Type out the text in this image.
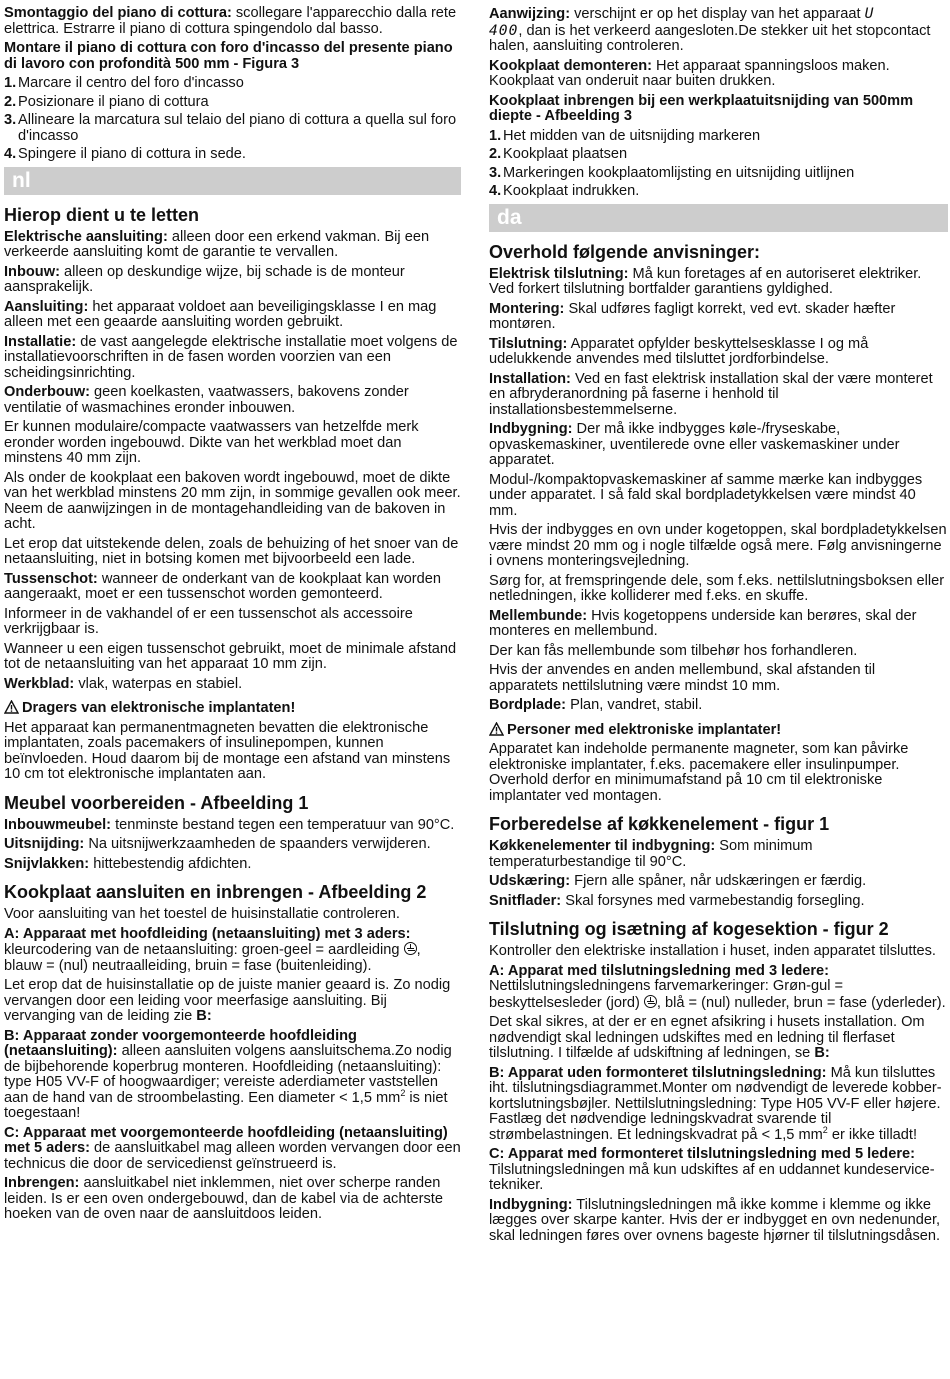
Smontaggio del piano di cottura: scollegare l'apparecchio dalla rete elettrica. Estrarre il piano di cottura spingendolo dal basso.

Montare il piano di cottura con foro d'incasso del presente piano di lavoro con profondità 500 mm - Figura 3

1. Marcare il centro del foro d'incasso
2. Posizionare il piano di cottura
3. Allineare la marcatura sul telaio del piano di cottura a quella sul foro d'incasso
4. Spingere il piano di cottura in sede.
nl
Hierop dient u te letten

Elektrische aansluiting: alleen door een erkend vakman. Bij een verkeerde aansluiting komt de garantie te vervallen.

Inbouw: alleen op deskundige wijze, bij schade is de monteur aansprakelijk.

Aansluiting: het apparaat voldoet aan beveiligingsklasse I en mag alleen met een geaarde aansluiting worden gebruikt.

Installatie: de vast aangelegde elektrische installatie moet volgens de installatievoorschriften in de fasen worden voorzien van een scheidingsinrichting.

Onderbouw: geen koelkasten, vaatwassers, bakovens zonder ventilatie of wasmachines eronder inbouwen.

Er kunnen modulaire/compacte vaatwassers van hetzelfde merk eronder worden ingebouwd. Dikte van het werkblad moet dan minstens 40 mm zijn.

Als onder de kookplaat een bakoven wordt ingebouwd, moet de dikte van het werkblad minstens 20 mm zijn, in sommige gevallen ook meer. Neem de aanwijzingen in de montagehandleiding van de bakoven in acht.

Let erop dat uitstekende delen, zoals de behuizing of het snoer van de netaansluiting, niet in botsing komen met bijvoorbeeld een lade.

Tussenschot: wanneer de onderkant van de kookplaat kan worden aangeraakt, moet er een tussenschot worden gemonteerd.

Informeer in de vakhandel of er een tussenschot als accessoire verkrijgbaar is.

Wanneer u een eigen tussenschot gebruikt, moet de minimale afstand tot de netaansluiting van het apparaat 10 mm zijn.

Werkblad: vlak, waterpas en stabiel.

Dragers van elektronische implantaten!

Het apparaat kan permanentmagneten bevatten die elektronische implantaten, zoals pacemakers of insulinepompen, kunnen beïnvloeden. Houd daarom bij de montage een afstand van minstens 10 cm tot elektronische implantaten aan.

Meubel voorbereiden - Afbeelding 1

Inbouwmeubel: tenminste bestand tegen een temperatuur van 90°C.

Uitsnijding: Na uitsnijwerkzaamheden de spaanders verwijderen.

Snijvlakken: hittebestendig afdichten.

Kookplaat aansluiten en inbrengen - Afbeelding 2

Voor aansluiting van het toestel de huisinstallatie controleren.

A: Apparaat met hoofdleiding (netaansluiting) met 3 aders: kleurcodering van de netaansluiting: groen-geel = aardleiding , blauw = (nul) neutraalleiding, bruin = fase (buitenleiding).

Let erop dat de huisinstallatie op de juiste manier geaard is. Zo nodig vervangen door een leiding voor meerfasige aansluiting. Bij vervanging van de leiding zie B:

B: Apparaat zonder voorgemonteerde hoofdleiding (netaansluiting): alleen aansluiten volgens aansluitschema.Zo nodig de bijbehorende koperbrug monteren. Hoofdleiding (netaansluiting): type H05 VV-F of hoogwaardiger; vereiste aderdiameter vaststellen aan de hand van de stroombelasting. Een diameter < 1,5 $mm^2$ is niet toegestaan!

C: Apparaat met voorgemonteerde hoofdleiding (netaansluiting) met 5 aders: de aansluitkabel mag alleen worden vervangen door een technicus die door de servicedienst geïnstrueerd is.

Inbrengen: aansluitkabel niet inklemmen, niet over scherpe randen leiden. Is er een oven ondergebouwd, dan de kabel via de achterste hoeken van de oven naar de aansluitdoos leiden.

Aanwijzing: verschijnt er op het display van het apparaat U
400, dan is het verkeerd aangesloten.De stekker uit het stopcontact halen, aansluiting controleren.

Kookplaat demonteren: Het apparaat spanningsloos maken. Kookplaat van onderuit naar buiten drukken.

Kookplaat inbrengen bij een werkplaatuitsnijding van 500mm diepte - Afbeelding 3

1. Het midden van de uitsnijding markeren
2. Kookplaat plaatsen
3. Markeringen kookplaatomlijsting en uitsnijding uitlijnen
4. Kookplaat indrukken.
da
Overhold følgende anvisninger:

Elektrisk tilslutning: Må kun foretages af en autoriseret elektriker. Ved forkert tilslutning bortfalder garantiens gyldighed.

Montering: Skal udføres fagligt korrekt, ved evt. skader hæfter montøren.

Tilslutning: Apparatet opfylder beskyttelsesklasse I og må udelukkende anvendes med tilsluttet jordforbindelse.

Installation: Ved en fast elektrisk installation skal der være monteret en afbryderanordning på faserne i henhold til installationsbestemmelserne.

Indbygning: Der må ikke indbygges køle-/fryseskabe, opvaskemaskiner, uventilerede ovne eller vaskemaskiner under apparatet.

Modul-/kompaktopvaskemaskiner af samme mærke kan indbygges under apparatet. I så fald skal bordpladetykkelsen være mindst 40 mm.

Hvis der indbygges en ovn under kogetoppen, skal bordpladetykkelsen være mindst 20 mm og i nogle tilfælde også mere. Følg anvisningerne i ovnens monteringsvejledning.

Sørg for, at fremspringende dele, som f.eks. nettilslutningsboksen eller netledningen, ikke kolliderer med f.eks. en skuffe.

Mellembunde: Hvis kogetoppens underside kan berøres, skal der monteres en mellembund.

Der kan fås mellembunde som tilbehør hos forhandleren.

Hvis der anvendes en anden mellembund, skal afstanden til apparatets nettilslutning være mindst 10 mm.

Bordplade: Plan, vandret, stabil.

Personer med elektroniske implantater!

Apparatet kan indeholde permanente magneter, som kan påvirke elektroniske implantater, f.eks. pacemakere eller insulinpumper. Overhold derfor en minimumafstand på 10 cm til elektroniske implantater ved montagen.

Forberedelse af køkkenelement - figur 1

Køkkenelementer til indbygning: Som minimum temperaturbestandige til 90°C.

Udskæring: Fjern alle spåner, når udskæringen er færdig.

Snitflader: Skal forsynes med varmebestandig forsegling.

Tilslutning og isætning af kogesektion - figur 2

Kontroller den elektriske installation i huset, inden apparatet tilsluttes.

A: Apparat med tilslutningsledning med 3 ledere: Nettilslutningsledningens farvemarkeringer: Grøn-gul = beskyttelsesleder (jord) , blå = (nul) nulleder, brun = fase (yderleder).

Det skal sikres, at der er en egnet afsikring i husets installation. Om nødvendigt skal ledningen udskiftes med en ledning til flerfaset tilslutning. I tilfælde af udskiftning af ledningen, se B:

B: Apparat uden formonteret tilslutningsledning: Må kun tilsluttes iht. tilslutningsdiagrammet.Monter om nødvendigt de leverede kobber-kortslutningsbøjler. Nettilslutningsledning: Type H05 VV-F eller højere. Fastlæg det nødvendige ledningskvadrat svarende til strømbelastningen. Et ledningskvadrat på < 1,5 $mm^2$ er ikke tilladt!

C: Apparat med formonteret tilslutningsledning med 5 ledere: Tilslutningsledningen må kun udskiftes af en uddannet kundeservice-tekniker.

Indbygning: Tilslutningsledningen må ikke komme i klemme og ikke lægges over skarpe kanter. Hvis der er indbygget en ovn nedenunder, skal ledningen føres over ovnens bageste hjørner til tilslutningsdåsen.
